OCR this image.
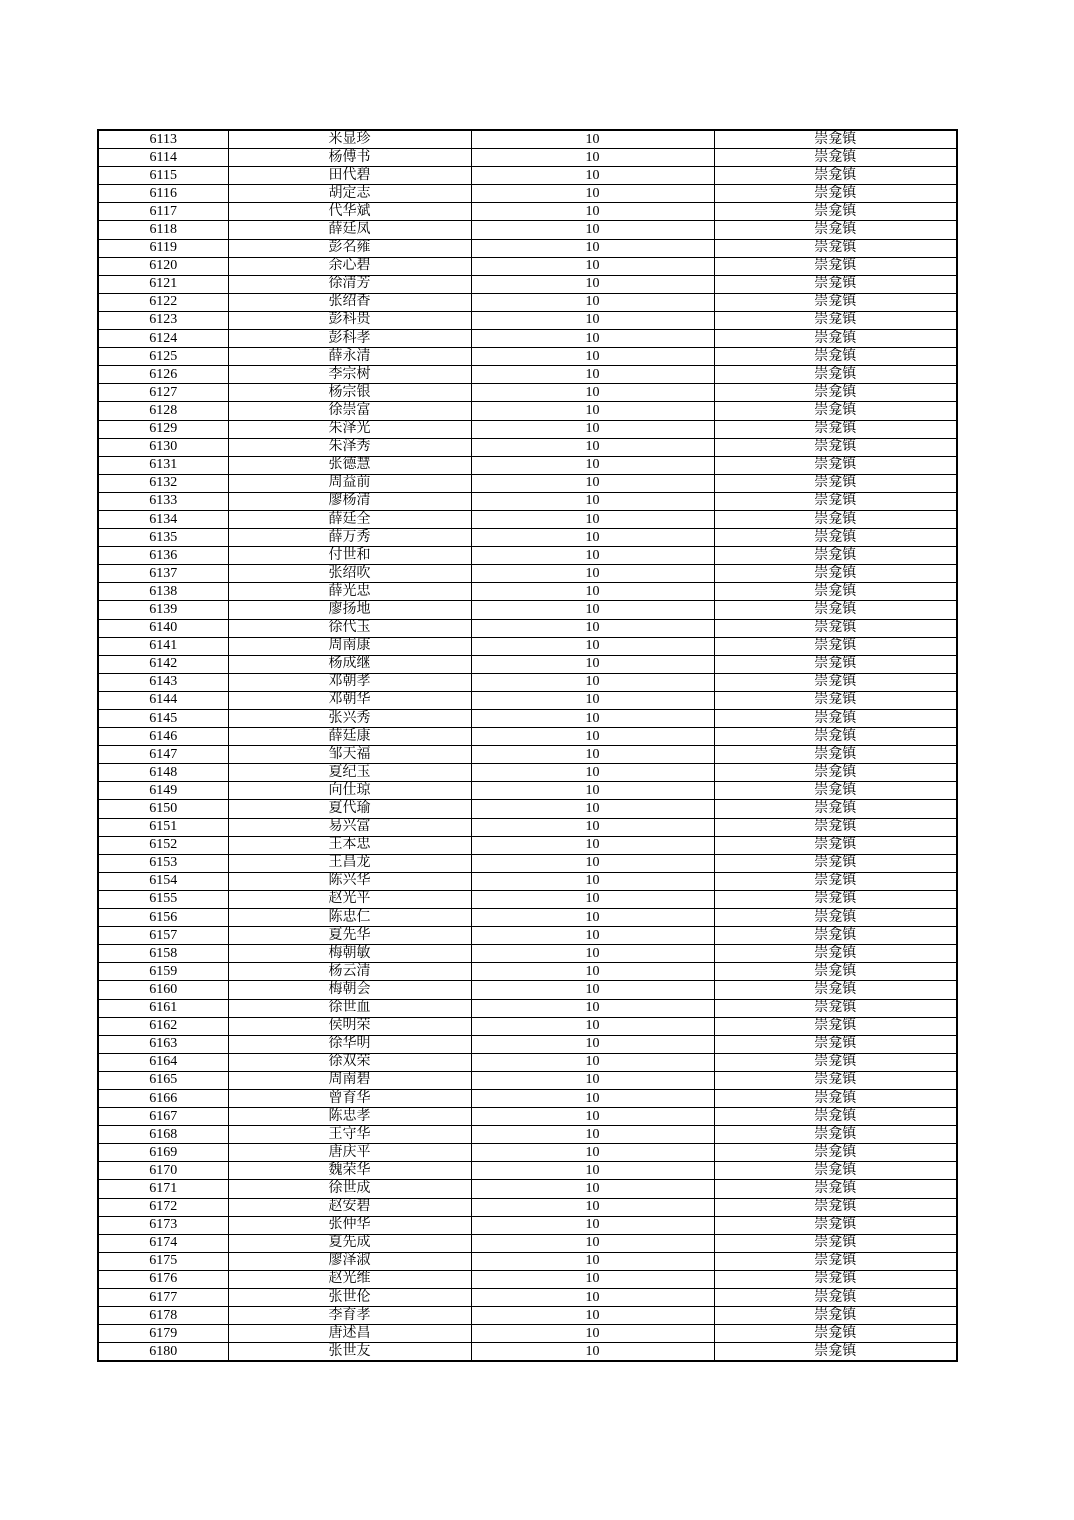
6113	米显珍	10	崇龛镇
6114	杨傅书	10	崇龛镇
6115	田代碧	10	崇龛镇
6116	胡定志	10	崇龛镇
6117	代华斌	10	崇龛镇
6118	薛廷凤	10	崇龛镇
6119	彭名雍	10	崇龛镇
6120	余心碧	10	崇龛镇
6121	徐清芳	10	崇龛镇
6122	张绍香	10	崇龛镇
6123	彭科贵	10	崇龛镇
6124	彭科孝	10	崇龛镇
6125	薛永清	10	崇龛镇
6126	李宗树	10	崇龛镇
6127	杨宗银	10	崇龛镇
6128	徐崇富	10	崇龛镇
6129	朱泽光	10	崇龛镇
6130	朱泽秀	10	崇龛镇
6131	张德慧	10	崇龛镇
6132	周益前	10	崇龛镇
6133	廖杨清	10	崇龛镇
6134	薛廷全	10	崇龛镇
6135	薛万秀	10	崇龛镇
6136	付世和	10	崇龛镇
6137	张绍吹	10	崇龛镇
6138	薛光忠	10	崇龛镇
6139	廖扬地	10	崇龛镇
6140	徐代玉	10	崇龛镇
6141	周南康	10	崇龛镇
6142	杨成继	10	崇龛镇
6143	邓朝孝	10	崇龛镇
6144	邓朝华	10	崇龛镇
6145	张兴秀	10	崇龛镇
6146	薛廷康	10	崇龛镇
6147	邹天福	10	崇龛镇
6148	夏纪玉	10	崇龛镇
6149	向仕琼	10	崇龛镇
6150	夏代瑜	10	崇龛镇
6151	易兴富	10	崇龛镇
6152	王本忠	10	崇龛镇
6153	王昌龙	10	崇龛镇
6154	陈兴华	10	崇龛镇
6155	赵光平	10	崇龛镇
6156	陈忠仁	10	崇龛镇
6157	夏先华	10	崇龛镇
6158	梅朝敏	10	崇龛镇
6159	杨云清	10	崇龛镇
6160	梅朝会	10	崇龛镇
6161	徐世血	10	崇龛镇
6162	侯明荣	10	崇龛镇
6163	徐华明	10	崇龛镇
6164	徐双荣	10	崇龛镇
6165	周南碧	10	崇龛镇
6166	曾育华	10	崇龛镇
6167	陈忠孝	10	崇龛镇
6168	王守华	10	崇龛镇
6169	唐庆平	10	崇龛镇
6170	魏荣华	10	崇龛镇
6171	徐世成	10	崇龛镇
6172	赵安碧	10	崇龛镇
6173	张仲华	10	崇龛镇
6174	夏先成	10	崇龛镇
6175	廖泽淑	10	崇龛镇
6176	赵光维	10	崇龛镇
6177	张世伦	10	崇龛镇
6178	李育孝	10	崇龛镇
6179	唐述昌	10	崇龛镇
6180	张世友	10	崇龛镇
